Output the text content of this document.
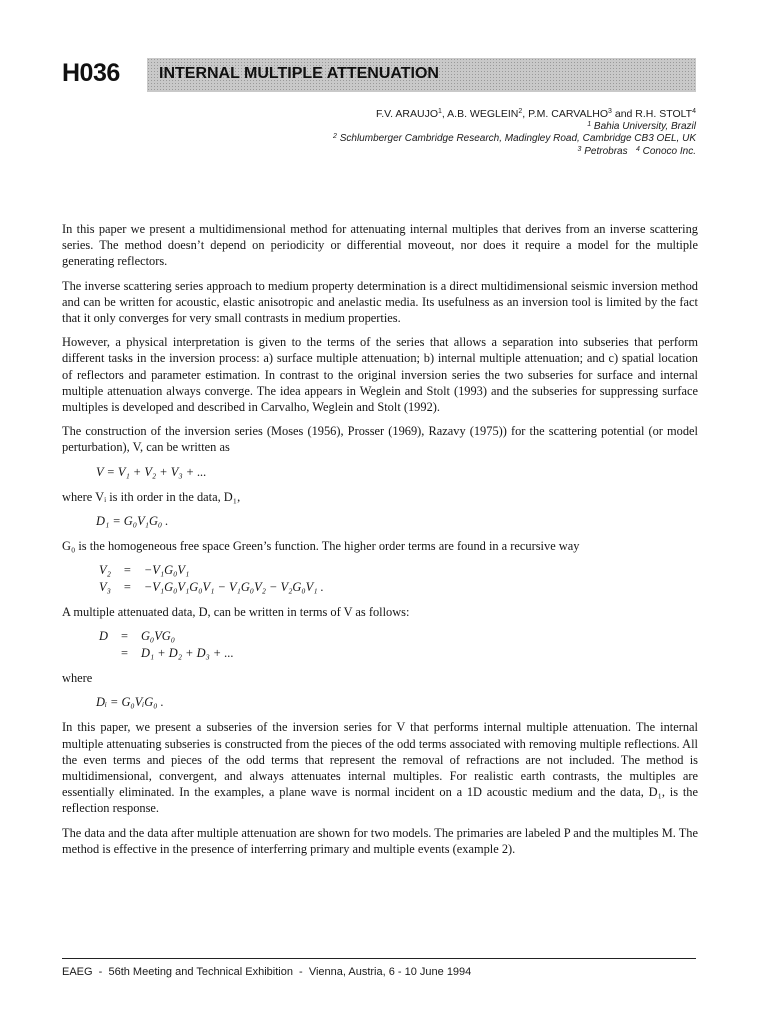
H036 INTERNAL MULTIPLE ATTENUATION
F.V. ARAUJO$^1$, A.B. WEGLEIN$^2$, P.M. CARVALHO$^3$ and R.H. STOLT$^4$
$^1$ Bahia University, Brazil
$^2$ Schlumberger Cambridge Research, Madingley Road, Cambridge CB3 OEL, UK
$^3$ Petrobras $^4$ Conoco Inc.

In this paper we present a multidimensional method for attenuating internal multiples that derives from an inverse scattering series. The method doesn’t depend on periodicity or differential moveout, nor does it require a model for the multiple generating reflectors.

The inverse scattering series approach to medium property determination is a direct multidimensional seismic inversion method and can be written for acoustic, elastic anisotropic and anelastic media. Its usefulness as an inversion tool is limited by the fact that it only converges for very small contrasts in medium properties.

However, a physical interpretation is given to the terms of the series that allows a separation into subseries that perform different tasks in the inversion process: a) surface multiple attenuation; b) internal multiple attenuation; and c) spatial location of reflectors and parameter estimation. In contrast to the original inversion series the two subseries for surface and internal multiple attenuation always converge. The idea appears in Weglein and Stolt (1993) and the subseries for suppressing surface multiples is developed and described in Carvalho, Weglein and Stolt (1992).

The construction of the inversion series (Moses (1956), Prosser (1969), Razavy (1975)) for the scattering potential (or model perturbation), V, can be written as

V = V₁ + V₂ + V₃ + ...

where Vᵢ is ith order in the data, D₁,

D₁ = G₀V₁G₀ .

G₀ is the homogeneous free space Green’s function. The higher order terms are found in a recursive way

V₂	=	−V₁G₀V₁
V₃	=	−V₁G₀V₁G₀V₁ − V₁G₀V₂ − V₂G₀V₁ .

A multiple attenuated data, D, can be written in terms of V as follows:

D	=	G₀VG₀
	=	D₁ + D₂ + D₃ + ...

where

Dᵢ = G₀VᵢG₀ .

In this paper, we present a subseries of the inversion series for V that performs internal multiple attenuation. The internal multiple attenuating subseries is constructed from the pieces of the odd terms associated with removing multiple reflections. All the even terms and pieces of the odd terms that represent the removal of refractions are not included. The method is multidimensional, convergent, and always attenuates internal multiples. For realistic earth contrasts, the multiples are essentially eliminated. In the examples, a plane wave is normal incident on a 1D acoustic medium and the data, D₁, is the reflection response.

The data and the data after multiple attenuation are shown for two models. The primaries are labeled P and the multiples M. The method is effective in the presence of interferring primary and multiple events (example 2).

EAEG  -  56th Meeting and Technical Exhibition  -  Vienna, Austria, 6 - 10 June 1994
